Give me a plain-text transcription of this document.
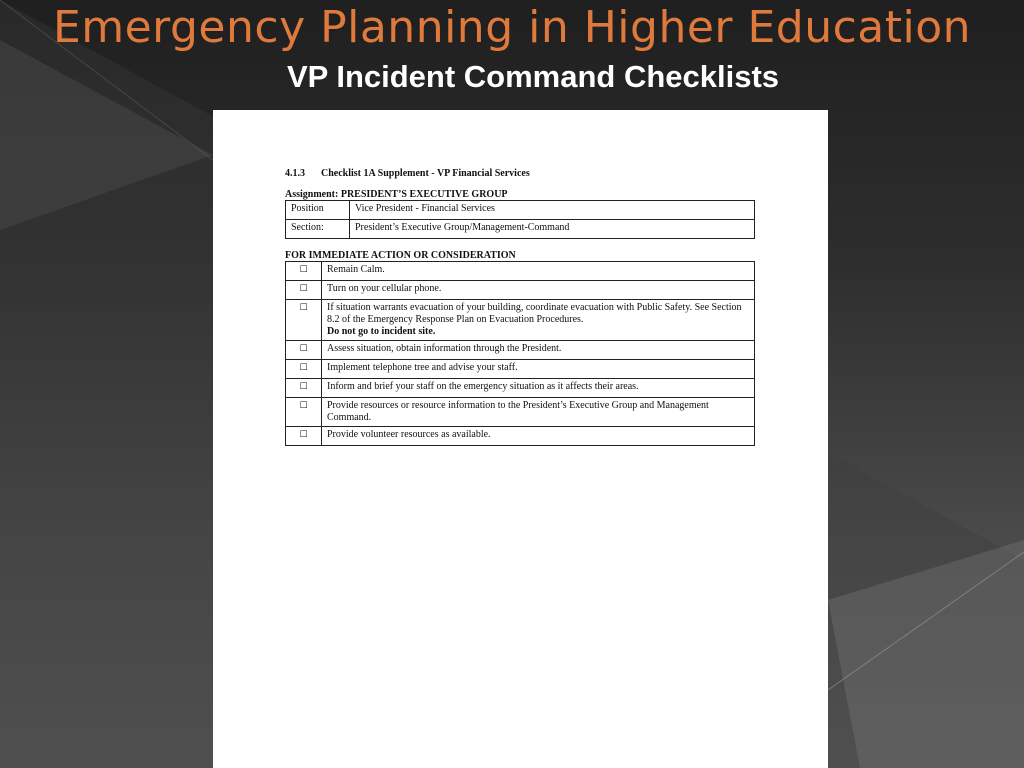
Emergency Planning in Higher Education
VP Incident Command Checklists
4.1.3 Checklist 1A Supplement - VP Financial Services
Assignment: PRESIDENT’S EXECUTIVE GROUP
Position	Vice President - Financial Services
Section:	President’s Executive Group/Management-Command
FOR IMMEDIATE ACTION OR CONSIDERATION
☐	Remain Calm.
☐	Turn on your cellular phone.
☐	If situation warrants evacuation of your building, coordinate evacuation with Public Safety. See Section 8.2 of the Emergency Response Plan on Evacuation Procedures.
Do not go to incident site.

☐	Assess situation, obtain information through the President.
☐	Implement telephone tree and advise your staff.
☐	Inform and brief your staff on the emergency situation as it affects their areas.
☐	Provide resources or resource information to the President’s Executive Group and Management Command.
☐	Provide volunteer resources as available.
